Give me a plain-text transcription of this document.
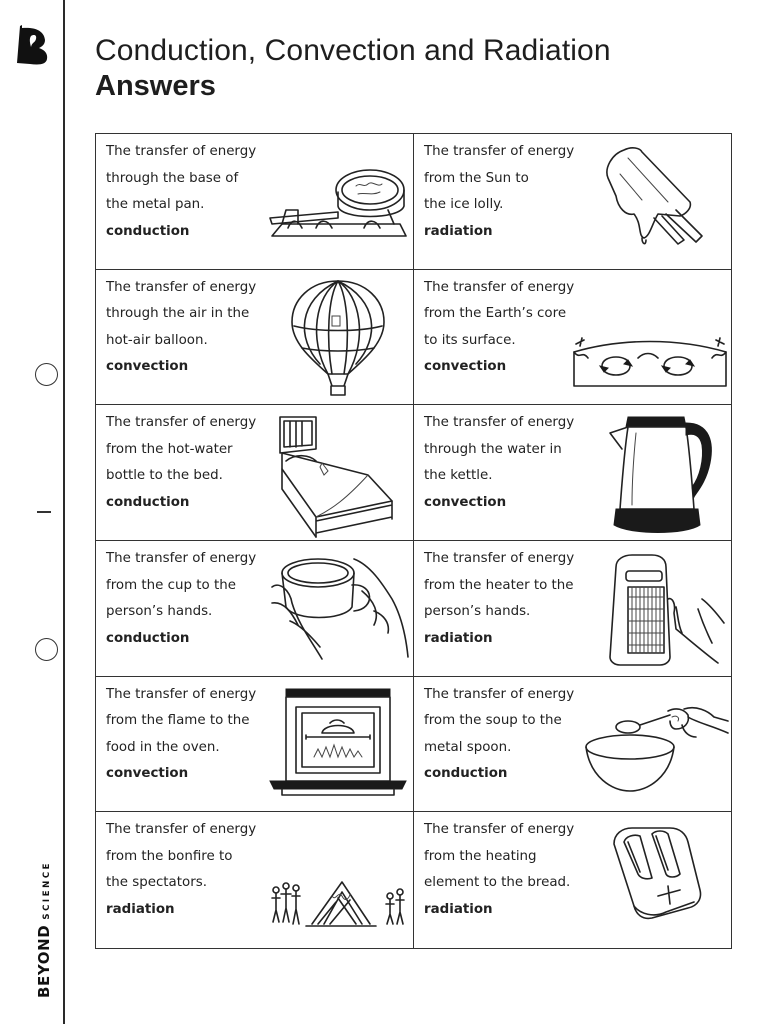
BEYONDSCIENCE
Conduction, Convection and Radiation
Answers
The transfer of energy
through the base of
the metal pan.
conduction
The transfer of energy
from the Sun to
the ice lolly.
radiation
The transfer of energy
through the air in the
hot-air balloon.
convection
The transfer of energy
from the Earth’s core
to its surface.
convection
The transfer of energy
from the hot-water
bottle to the bed.
conduction
The transfer of energy
through the water in
the kettle.
convection
The transfer of energy
from the cup to the
person’s hands.
conduction
The transfer of energy
from the heater to the
person’s hands.
radiation
The transfer of energy
from the flame to the
food in the oven.
convection
The transfer of energy
from the soup to the
metal spoon.
conduction
The transfer of energy
from the bonfire to
the spectators.
radiation
The transfer of energy
from the heating
element to the bread.
radiation
